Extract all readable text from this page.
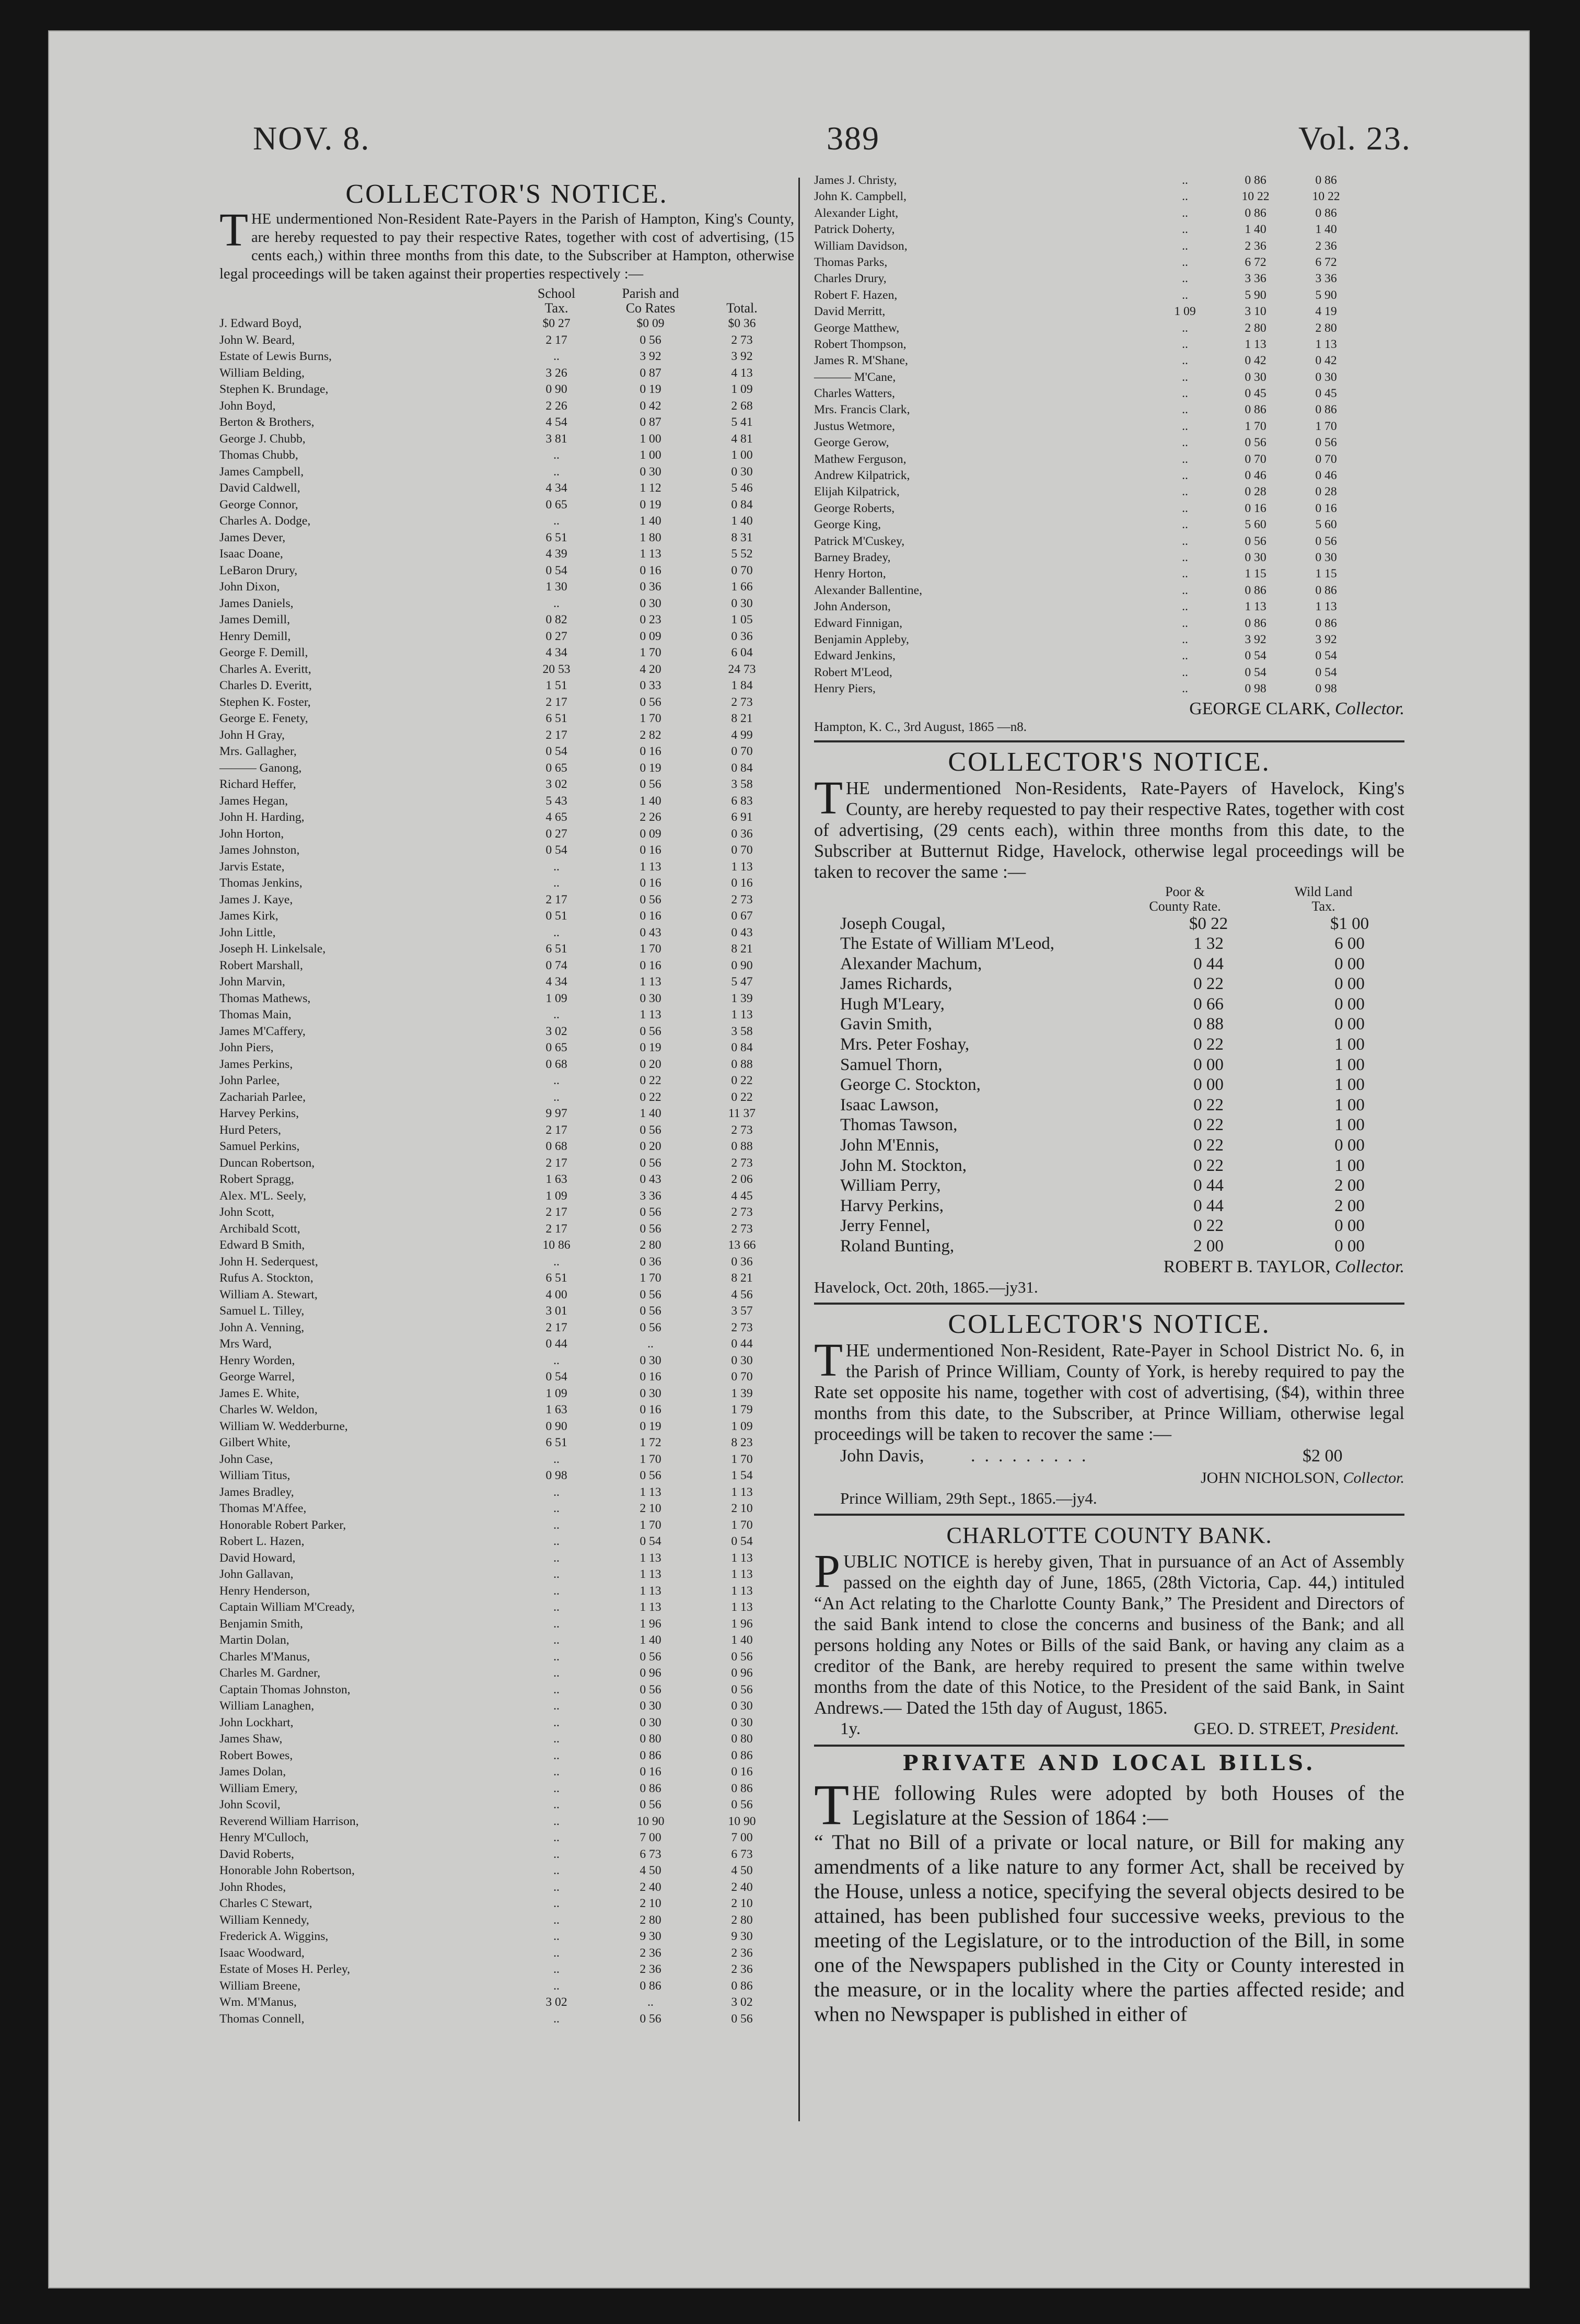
NOV. 8.	389	Vol. 23.

COLLECTOR'S NOTICE.

THE undermentioned Non-Resident Rate-Payers in the Parish of Hampton, King's County, are hereby requested to pay their respective Rates, together with cost of advertising, (15 cents each,) within three months from this date, to the Subscriber at Hampton, otherwise legal proceedings will be taken against their properties respectively :—

School Tax.
Parish and Co Rates	Total.
J. Edward Boyd,	$0 27	$0 09	$0 36
John W. Beard,	2 17	0 56	2 73
Estate of Lewis Burns,	..	3 92	3 92
William Belding,	3 26	0 87	4 13
Stephen K. Brundage,	0 90	0 19	1 09
John Boyd,	2 26	0 42	2 68
Berton & Brothers,	4 54	0 87	5 41
George J. Chubb,	3 81	1 00	4 81
Thomas Chubb,	..	1 00	1 00
James Campbell,	..	0 30	0 30
David Caldwell,	4 34	1 12	5 46
George Connor,	0 65	0 19	0 84
Charles A. Dodge,	..	1 40	1 40
James Dever,	6 51	1 80	8 31
Isaac Doane,	4 39	1 13	5 52
LeBaron Drury,	0 54	0 16	0 70
John Dixon,	1 30	0 36	1 66
James Daniels,	..	0 30	0 30
James Demill,	0 82	0 23	1 05
Henry Demill,	0 27	0 09	0 36
George F. Demill,	4 34	1 70	6 04
Charles A. Everitt,	20 53	4 20	24 73
Charles D. Everitt,	1 51	0 33	1 84
Stephen K. Foster,	2 17	0 56	2 73
George E. Fenety,	6 51	1 70	8 21
John H Gray,	2 17	2 82	4 99
Mrs. Gallagher,	0 54	0 16	0 70
——— Ganong,	0 65	0 19	0 84
Richard Heffer,	3 02	0 56	3 58
James Hegan,	5 43	1 40	6 83
John H. Harding,	4 65	2 26	6 91
John Horton,	0 27	0 09	0 36
James Johnston,	0 54	0 16	0 70
Jarvis Estate,	..	1 13	1 13
Thomas Jenkins,	..	0 16	0 16
James J. Kaye,	2 17	0 56	2 73
James Kirk,	0 51	0 16	0 67
John Little,	..	0 43	0 43
Joseph H. Linkelsale,	6 51	1 70	8 21
Robert Marshall,	0 74	0 16	0 90
John Marvin,	4 34	1 13	5 47
Thomas Mathews,	1 09	0 30	1 39
Thomas Main,	..	1 13	1 13
James M'Caffery,	3 02	0 56	3 58
John Piers,	0 65	0 19	0 84
James Perkins,	0 68	0 20	0 88
John Parlee,	..	0 22	0 22
Zachariah Parlee,	..	0 22	0 22
Harvey Perkins,	9 97	1 40	11 37
Hurd Peters,	2 17	0 56	2 73
Samuel Perkins,	0 68	0 20	0 88
Duncan Robertson,	2 17	0 56	2 73
Robert Spragg,	1 63	0 43	2 06
Alex. M'L. Seely,	1 09	3 36	4 45
John Scott,	2 17	0 56	2 73
Archibald Scott,	2 17	0 56	2 73
Edward B Smith,	10 86	2 80	13 66
John H. Sederquest,	..	0 36	0 36
Rufus A. Stockton,	6 51	1 70	8 21
William A. Stewart,	4 00	0 56	4 56
Samuel L. Tilley,	3 01	0 56	3 57
John A. Venning,	2 17	0 56	2 73
Mrs Ward,	0 44	..	0 44
Henry Worden,	..	0 30	0 30
George Warrel,	0 54	0 16	0 70
James E. White,	1 09	0 30	1 39
Charles W. Weldon,	1 63	0 16	1 79
William W. Wedderburne,	0 90	0 19	1 09
Gilbert White,	6 51	1 72	8 23
John Case,	..	1 70	1 70
William Titus,	0 98	0 56	1 54
James Bradley,	..	1 13	1 13
Thomas M'Affee,	..	2 10	2 10
Honorable Robert Parker,	..	1 70	1 70
Robert L. Hazen,	..	0 54	0 54
David Howard,	..	1 13	1 13
John Gallavan,	..	1 13	1 13
Henry Henderson,	..	1 13	1 13
Captain William M'Cready,	..	1 13	1 13
Benjamin Smith,	..	1 96	1 96
Martin Dolan,	..	1 40	1 40
Charles M'Manus,	..	0 56	0 56
Charles M. Gardner,	..	0 96	0 96
Captain Thomas Johnston,	..	0 56	0 56
William Lanaghen,	..	0 30	0 30
John Lockhart,	..	0 30	0 30
James Shaw,	..	0 80	0 80
Robert Bowes,	..	0 86	0 86
James Dolan,	..	0 16	0 16
William Emery,	..	0 86	0 86
John Scovil,	..	0 56	0 56
Reverend William Harrison,	..	10 90	10 90
Henry M'Culloch,	..	7 00	7 00
David Roberts,	..	6 73	6 73
Honorable John Robertson,	..	4 50	4 50
John Rhodes,	..	2 40	2 40
Charles C Stewart,	..	2 10	2 10
William Kennedy,	..	2 80	2 80
Frederick A. Wiggins,	..	9 30	9 30
Isaac Woodward,	..	2 36	2 36
Estate of Moses H. Perley,	..	2 36	2 36
William Breene,	..	0 86	0 86
Wm. M'Manus,	3 02	..	3 02
Thomas Connell,	..	0 56	0 56
James J. Christy,	..	0 86	0 86
John K. Campbell,	..	10 22	10 22
Alexander Light,	..	0 86	0 86
Patrick Doherty,	..	1 40	1 40
William Davidson,	..	2 36	2 36
Thomas Parks,	..	6 72	6 72
Charles Drury,	..	3 36	3 36
Robert F. Hazen,	..	5 90	5 90
David Merritt,	1 09	3 10	4 19
George Matthew,	..	2 80	2 80
Robert Thompson,	..	1 13	1 13
James R. M'Shane,	..	0 42	0 42
——— M'Cane,	..	0 30	0 30
Charles Watters,	..	0 45	0 45
Mrs. Francis Clark,	..	0 86	0 86
Justus Wetmore,	..	1 70	1 70
George Gerow,	..	0 56	0 56
Mathew Ferguson,	..	0 70	0 70
Andrew Kilpatrick,	..	0 46	0 46
Elijah Kilpatrick,	..	0 28	0 28
George Roberts,	..	0 16	0 16
George King,	..	5 60	5 60
Patrick M'Cuskey,	..	0 56	0 56
Barney Bradey,	..	0 30	0 30
Henry Horton,	..	1 15	1 15
Alexander Ballentine,	..	0 86	0 86
John Anderson,	..	1 13	1 13
Edward Finnigan,	..	0 86	0 86
Benjamin Appleby,	..	3 92	3 92
Edward Jenkins,	..	0 54	0 54
Robert M'Leod,	..	0 54	0 54
Henry Piers,	..	0 98	0 98
GEORGE CLARK, Collector.
Hampton, K. C., 3rd August, 1865 —n8.

COLLECTOR'S NOTICE.

THE undermentioned Non-Residents, Rate-Payers of Havelock, King's County, are hereby requested to pay their respective Rates, together with cost of advertising, (29 cents each), within three months from this date, to the Subscriber at Butternut Ridge, Havelock, otherwise legal proceedings will be taken to recover the same :—

Poor & County Rate.
Wild Land Tax.
Joseph Cougal,	$0 22	$1 00
The Estate of William M'Leod,	1 32	6 00
Alexander Machum,	0 44	0 00
James Richards,	0 22	0 00
Hugh M'Leary,	0 66	0 00
Gavin Smith,	0 88	0 00
Mrs. Peter Foshay,	0 22	1 00
Samuel Thorn,	0 00	1 00
George C. Stockton,	0 00	1 00
Isaac Lawson,	0 22	1 00
Thomas Tawson,	0 22	1 00
John M'Ennis,	0 22	0 00
John M. Stockton,	0 22	1 00
William Perry,	0 44	2 00
Harvy Perkins,	0 44	2 00
Jerry Fennel,	0 22	0 00
Roland Bunting,	2 00	0 00
ROBERT B. TAYLOR, Collector.
Havelock, Oct. 20th, 1865.—jy31.

COLLECTOR'S NOTICE.

THE undermentioned Non-Resident, Rate-Payer in School District No. 6, in the Parish of Prince William, County of York, is hereby required to pay the Rate set opposite his name, together with cost of advertising, ($4), within three months from this date, to the Subscriber, at Prince William, otherwise legal proceedings will be taken to recover the same :—

John Davis,	.........	$2 00
JOHN NICHOLSON, Collector.
Prince William, 29th Sept., 1865.—jy4.

CHARLOTTE COUNTY BANK.

PUBLIC NOTICE is hereby given, That in pursuance of an Act of Assembly passed on the eighth day of June, 1865, (28th Victoria, Cap. 44,) intituled “An Act relating to the Charlotte County Bank,” The President and Directors of the said Bank intend to close the concerns and business of the Bank; and all persons holding any Notes or Bills of the said Bank, or having any claim as a creditor of the Bank, are hereby required to present the same within twelve months from the date of this Notice, to the President of the said Bank, in Saint Andrews.— Dated the 15th day of August, 1865.

1y.	GEO. D. STREET, President.

PRIVATE AND LOCAL BILLS.

THE following Rules were adopted by both Houses of the Legislature at the Session of 1864 :—

“ That no Bill of a private or local nature, or Bill for making any amendments of a like nature to any former Act, shall be received by the House, unless a notice, specifying the several objects desired to be attained, has been published four successive weeks, previous to the meeting of the Legislature, or to the introduction of the Bill, in some one of the Newspapers published in the City or County interested in the measure, or in the locality where the parties affected reside; and when no Newspaper is published in either of
